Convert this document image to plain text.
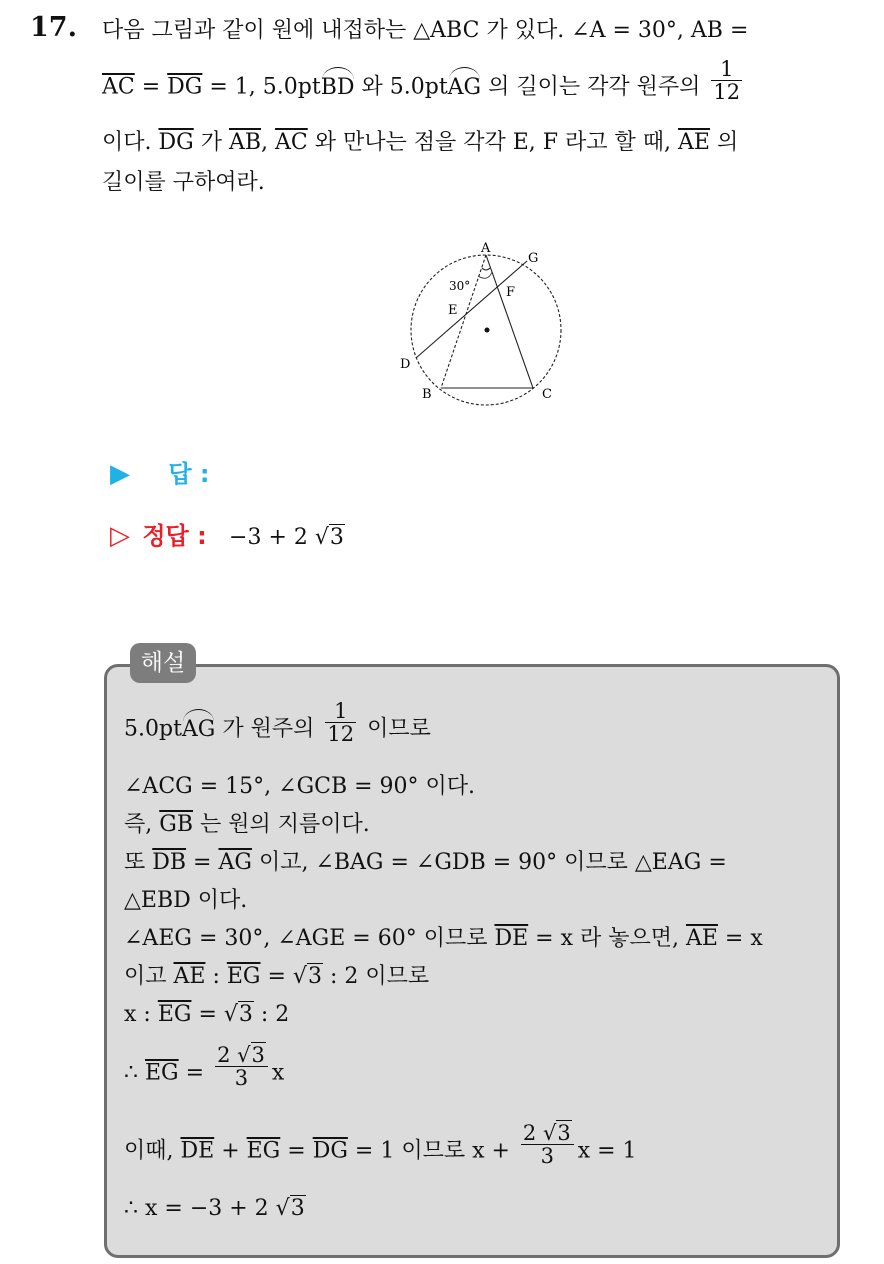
17. 다음 그림과 같이 원에 내접하는 △ABC 가 있다. ∠A = 30°, AB =
$\overline{AC} = \overline{DG} = 1$, 5.0ptBD 와 5.0ptAG 의 길이는 각각 원주의 $\frac{1}{12}$
이다. $\overline{DG}$ 가 $\overline{AB}$, $\overline{AC}$ 와 만나는 점을 각각 E, F 라고 할 때, $\overline{AE}$ 의
길이를 구하여라.
A
G
F
E
D
B	C
30°
▶ 답 :
▷ 정답 : −3 + 2 √3
해설
5.0ptAG 가 원주의 $\frac{1}{12}$ 이므로
∠ACG = 15°, ∠GCB = 90° 이다.
즉, $\overline{GB}$ 는 원의 지름이다.
또 $\overline{DB} = \overline{AG}$ 이고, ∠BAG = ∠GDB = 90° 이므로 △EAG =
△EBD 이다.
∠AEG = 30°, ∠AGE = 60° 이므로 $\overline{DE} = x$ 라 놓으면, $\overline{AE} = x$
이고 $\overline{AE}$ : $\overline{EG} = √3$ : 2 이므로
x : $\overline{EG} = √3$ : 2
∴ $\overline{EG} = \frac{2 √3}{3}$ x
이때, $\overline{DE} + \overline{EG} = \overline{DG} = 1$ 이므로 $x + \frac{2 √3}{3}$ x = 1
∴ x = −3 + 2 √3
